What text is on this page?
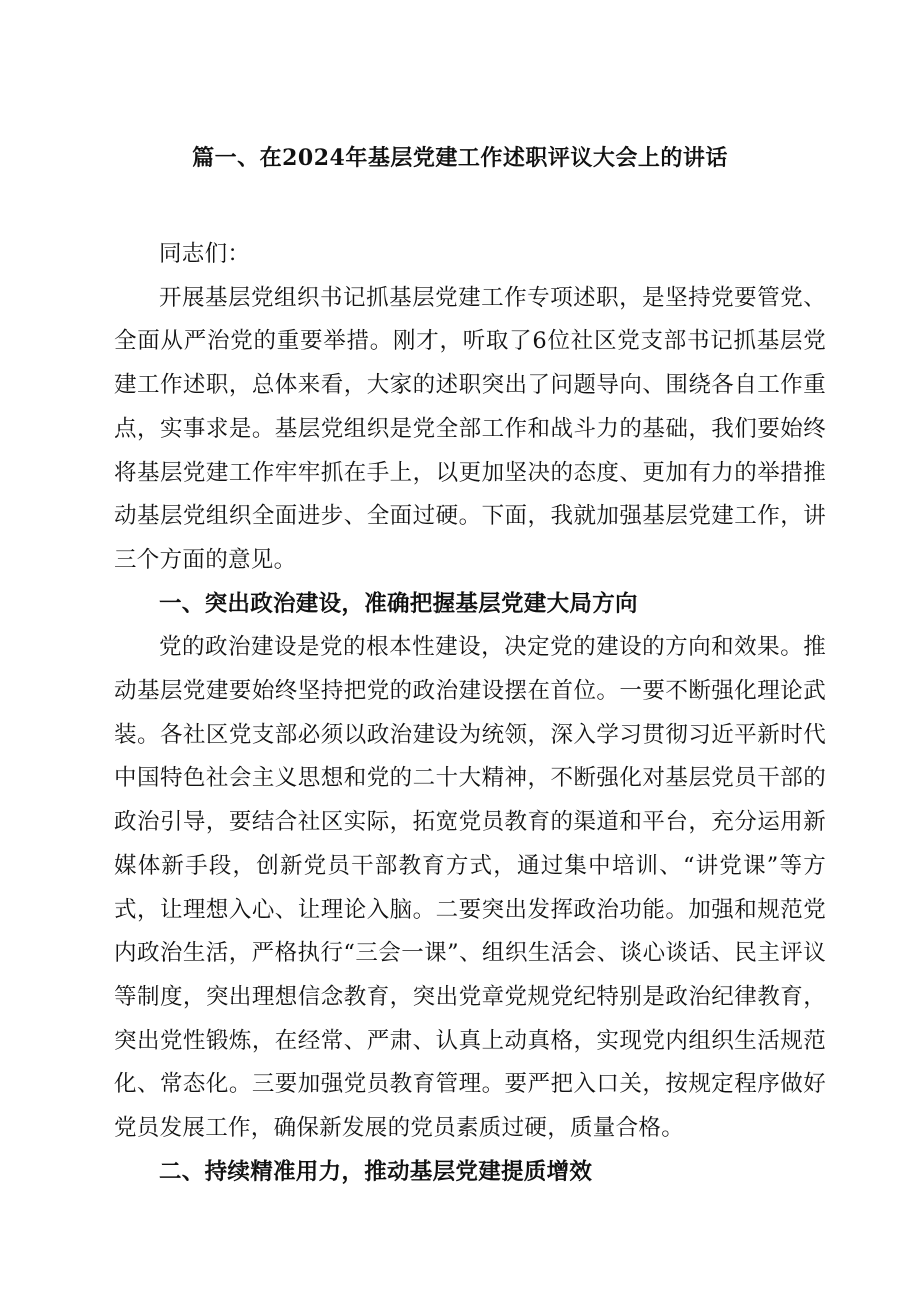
篇一、在2024年基层党建工作述职评议大会上的讲话

同志们：

开展基层党组织书记抓基层党建工作专项述职，是坚持党要管党、全面从严治党的重要举措。刚才，听取了6位社区党支部书记抓基层党建工作述职，总体来看，大家的述职突出了问题导向、围绕各自工作重点，实事求是。基层党组织是党全部工作和战斗力的基础，我们要始终将基层党建工作牢牢抓在手上，以更加坚决的态度、更加有力的举措推动基层党组织全面进步、全面过硬。下面，我就加强基层党建工作，讲三个方面的意见。

一、突出政治建设，准确把握基层党建大局方向

党的政治建设是党的根本性建设，决定党的建设的方向和效果。推动基层党建要始终坚持把党的政治建设摆在首位。一要不断强化理论武装。各社区党支部必须以政治建设为统领，深入学习贯彻习近平新时代中国特色社会主义思想和党的二十大精神，不断强化对基层党员干部的政治引导，要结合社区实际，拓宽党员教育的渠道和平台，充分运用新媒体新手段，创新党员干部教育方式，通过集中培训、“讲党课”等方式，让理想入心、让理论入脑。二要突出发挥政治功能。加强和规范党内政治生活，严格执行“三会一课”、组织生活会、谈心谈话、民主评议等制度，突出理想信念教育，突出党章党规党纪特别是政治纪律教育，突出党性锻炼，在经常、严肃、认真上动真格，实现党内组织生活规范化、常态化。三要加强党员教育管理。要严把入口关，按规定程序做好党员发展工作，确保新发展的党员素质过硬，质量合格。

二、持续精准用力，推动基层党建提质增效
